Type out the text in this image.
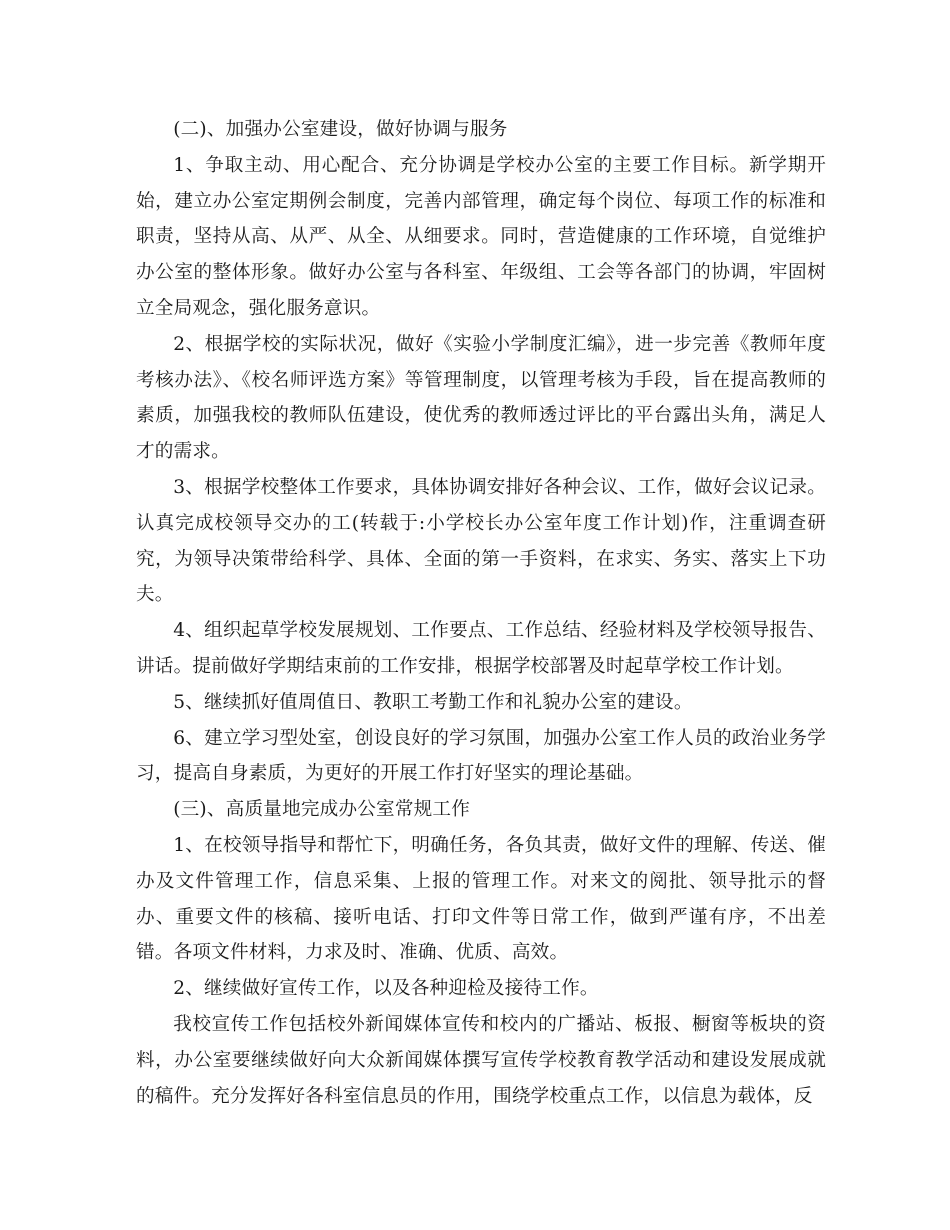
(二)、加强办公室建设，做好协调与服务

1、争取主动、用心配合、充分协调是学校办公室的主要工作目标。新学期开始，建立办公室定期例会制度，完善内部管理，确定每个岗位、每项工作的标准和职责，坚持从高、从严、从全、从细要求。同时，营造健康的工作环境，自觉维护办公室的整体形象。做好办公室与各科室、年级组、工会等各部门的协调，牢固树立全局观念，强化服务意识。

2、根据学校的实际状况，做好《实验小学制度汇编》，进一步完善《教师年度考核办法》、《校名师评选方案》等管理制度，以管理考核为手段，旨在提高教师的素质，加强我校的教师队伍建设，使优秀的教师透过评比的平台露出头角，满足人才的需求。

3、根据学校整体工作要求，具体协调安排好各种会议、工作，做好会议记录。认真完成校领导交办的工(转载于:小学校长办公室年度工作计划)作，注重调查研究，为领导决策带给科学、具体、全面的第一手资料，在求实、务实、落实上下功夫。

4、组织起草学校发展规划、工作要点、工作总结、经验材料及学校领导报告、讲话。提前做好学期结束前的工作安排，根据学校部署及时起草学校工作计划。

5、继续抓好值周值日、教职工考勤工作和礼貌办公室的建设。

6、建立学习型处室，创设良好的学习氛围，加强办公室工作人员的政治业务学习，提高自身素质，为更好的开展工作打好坚实的理论基础。

(三)、高质量地完成办公室常规工作

1、在校领导指导和帮忙下，明确任务，各负其责，做好文件的理解、传送、催办及文件管理工作，信息采集、上报的管理工作。对来文的阅批、领导批示的督办、重要文件的核稿、接听电话、打印文件等日常工作，做到严谨有序，不出差错。各项文件材料，力求及时、准确、优质、高效。

2、继续做好宣传工作，以及各种迎检及接待工作。

我校宣传工作包括校外新闻媒体宣传和校内的广播站、板报、橱窗等板块的资料，办公室要继续做好向大众新闻媒体撰写宣传学校教育教学活动和建设发展成就的稿件。充分发挥好各科室信息员的作用，围绕学校重点工作，以信息为载体，反
